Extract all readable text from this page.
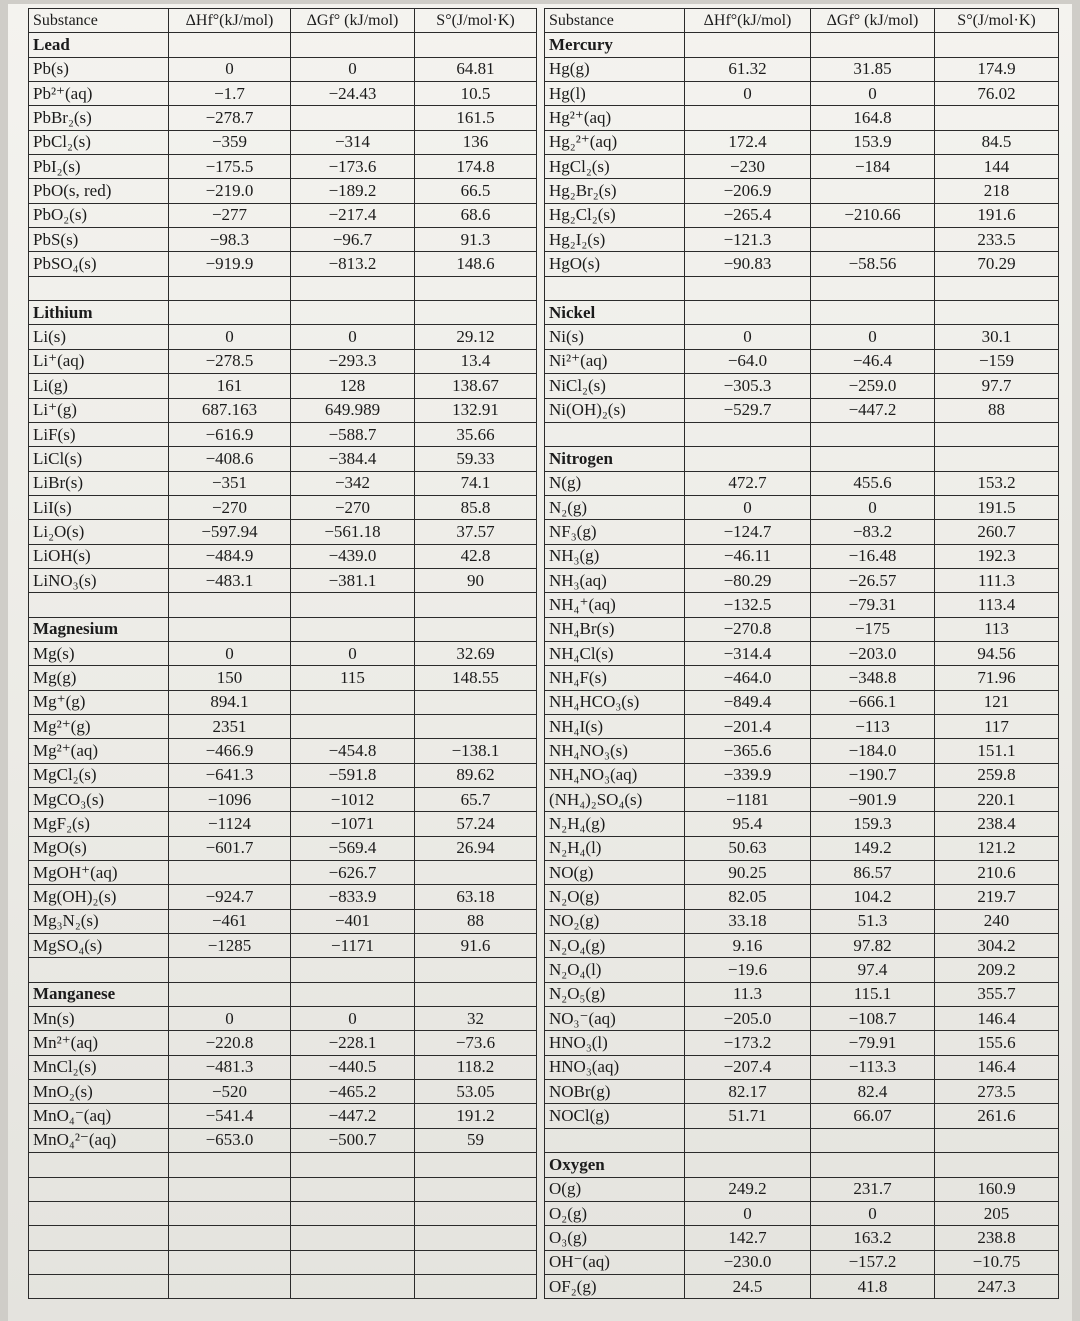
Substance	ΔHf°(kJ/mol)	ΔGf° (kJ/mol)	S°(J/mol·K)
Lead			
Pb(s)	0	0	64.81
Pb²⁺(aq)	−1.7	−24.43	10.5
PbBr₂(s)	−278.7		161.5
PbCl₂(s)	−359	−314	136
PbI₂(s)	−175.5	−173.6	174.8
PbO(s, red)	−219.0	−189.2	66.5
PbO₂(s)	−277	−217.4	68.6
PbS(s)	−98.3	−96.7	91.3
PbSO₄(s)	−919.9	−813.2	148.6

Lithium			
Li(s)	0	0	29.12
Li⁺(aq)	−278.5	−293.3	13.4
Li(g)	161	128	138.67
Li⁺(g)	687.163	649.989	132.91
LiF(s)	−616.9	−588.7	35.66
LiCl(s)	−408.6	−384.4	59.33
LiBr(s)	−351	−342	74.1
LiI(s)	−270	−270	85.8
Li₂O(s)	−597.94	−561.18	37.57
LiOH(s)	−484.9	−439.0	42.8
LiNO₃(s)	−483.1	−381.1	90

Magnesium			
Mg(s)	0	0	32.69
Mg(g)	150	115	148.55
Mg⁺(g)	894.1		
Mg²⁺(g)	2351		
Mg²⁺(aq)	−466.9	−454.8	−138.1
MgCl₂(s)	−641.3	−591.8	89.62
MgCO₃(s)	−1096	−1012	65.7
MgF₂(s)	−1124	−1071	57.24
MgO(s)	−601.7	−569.4	26.94
MgOH⁺(aq)		−626.7	
Mg(OH)₂(s)	−924.7	−833.9	63.18
Mg₃N₂(s)	−461	−401	88
MgSO₄(s)	−1285	−1171	91.6

Manganese			
Mn(s)	0	0	32
Mn²⁺(aq)	−220.8	−228.1	−73.6
MnCl₂(s)	−481.3	−440.5	118.2
MnO₂(s)	−520	−465.2	53.05
MnO₄⁻(aq)	−541.4	−447.2	191.2
MnO₄²⁻(aq)	−653.0	−500.7	59

Substance	ΔHf°(kJ/mol)	ΔGf° (kJ/mol)	S°(J/mol·K)
Mercury			
Hg(g)	61.32	31.85	174.9
Hg(l)	0	0	76.02
Hg²⁺(aq)		164.8	
Hg₂²⁺(aq)	172.4	153.9	84.5
HgCl₂(s)	−230	−184	144
Hg₂Br₂(s)	−206.9		218
Hg₂Cl₂(s)	−265.4	−210.66	191.6
Hg₂I₂(s)	−121.3		233.5
HgO(s)	−90.83	−58.56	70.29

Nickel			
Ni(s)	0	0	30.1
Ni²⁺(aq)	−64.0	−46.4	−159
NiCl₂(s)	−305.3	−259.0	97.7
Ni(OH)₂(s)	−529.7	−447.2	88

Nitrogen			
N(g)	472.7	455.6	153.2
N₂(g)	0	0	191.5
NF₃(g)	−124.7	−83.2	260.7
NH₃(g)	−46.11	−16.48	192.3
NH₃(aq)	−80.29	−26.57	111.3
NH₄⁺(aq)	−132.5	−79.31	113.4
NH₄Br(s)	−270.8	−175	113
NH₄Cl(s)	−314.4	−203.0	94.56
NH₄F(s)	−464.0	−348.8	71.96
NH₄HCO₃(s)	−849.4	−666.1	121
NH₄I(s)	−201.4	−113	117
NH₄NO₃(s)	−365.6	−184.0	151.1
NH₄NO₃(aq)	−339.9	−190.7	259.8
(NH₄)₂SO₄(s)	−1181	−901.9	220.1
N₂H₄(g)	95.4	159.3	238.4
N₂H₄(l)	50.63	149.2	121.2
NO(g)	90.25	86.57	210.6
N₂O(g)	82.05	104.2	219.7
NO₂(g)	33.18	51.3	240
N₂O₄(g)	9.16	97.82	304.2
N₂O₄(l)	−19.6	97.4	209.2
N₂O₅(g)	11.3	115.1	355.7
NO₃⁻(aq)	−205.0	−108.7	146.4
HNO₃(l)	−173.2	−79.91	155.6
HNO₃(aq)	−207.4	−113.3	146.4
NOBr(g)	82.17	82.4	273.5
NOCl(g)	51.71	66.07	261.6

Oxygen			
O(g)	249.2	231.7	160.9
O₂(g)	0	0	205
O₃(g)	142.7	163.2	238.8
OH⁻(aq)	−230.0	−157.2	−10.75
OF₂(g)	24.5	41.8	247.3
